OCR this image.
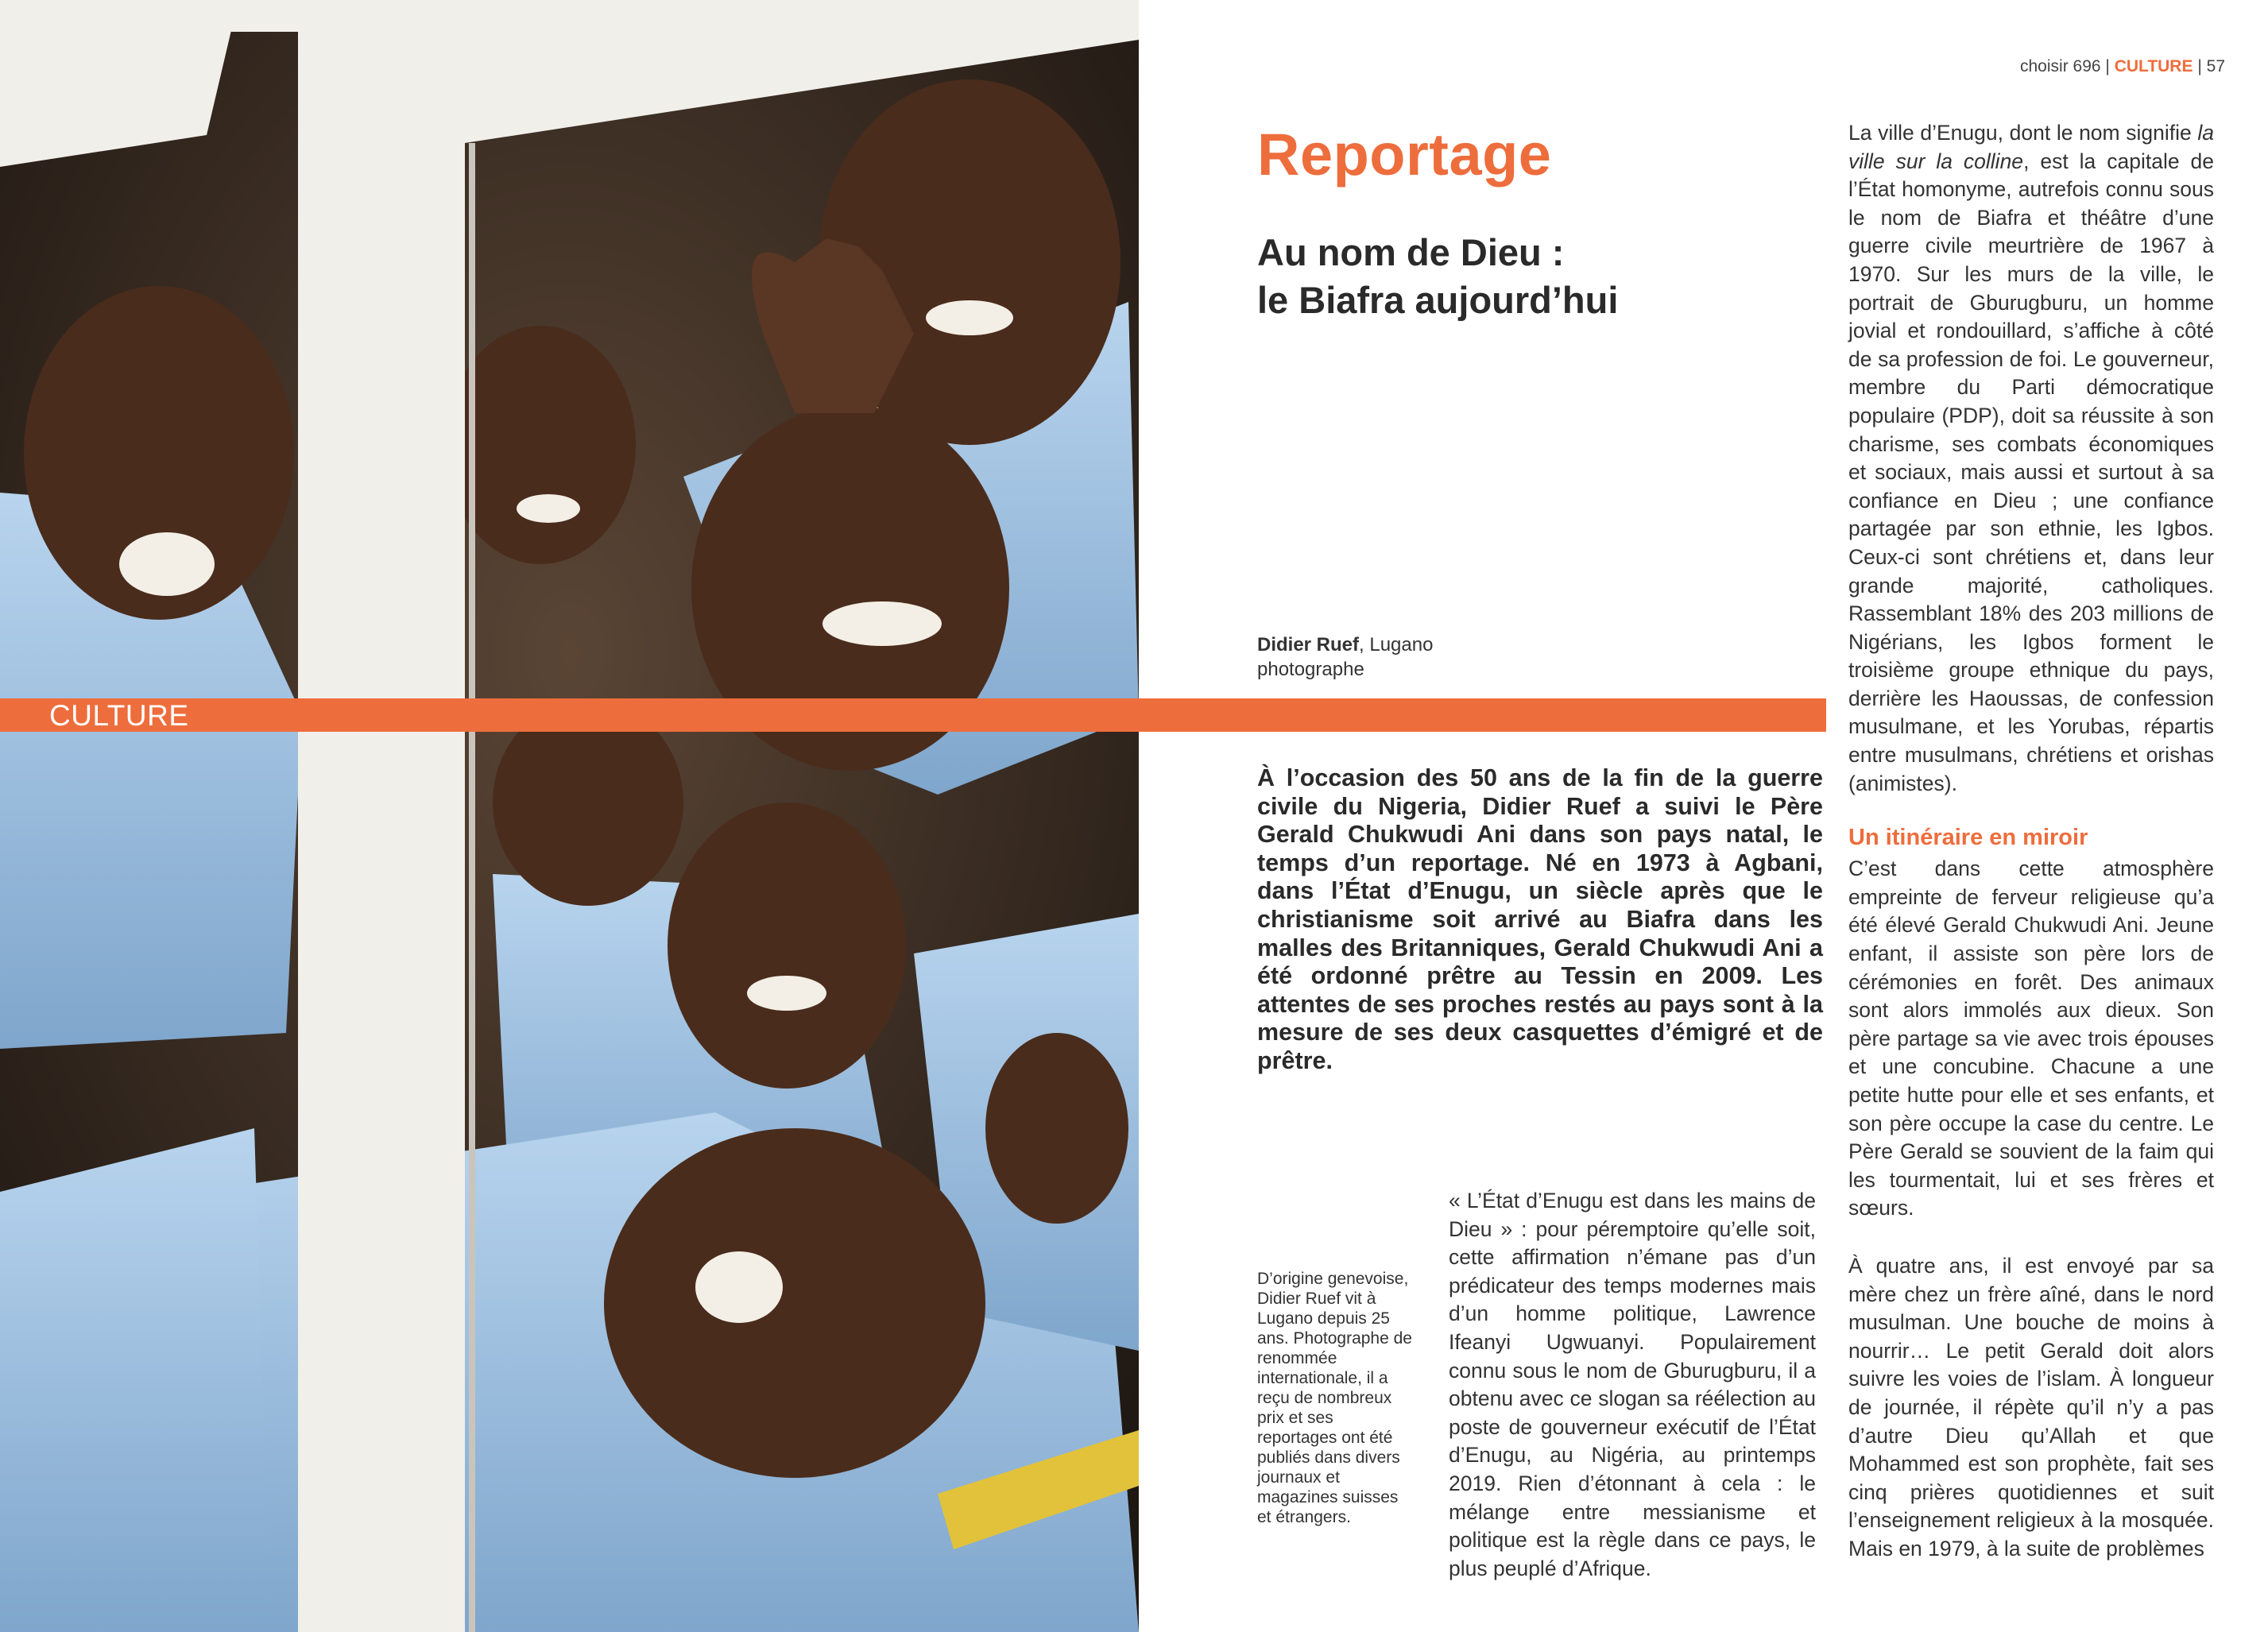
CULTURE
choisir 696 | CULTURE | 57
Reportage
Au nom de Dieu :
le Biafra aujourd’hui
Didier Ruef, Lugano
photographe
À l’occasion des 50 ans de la fin de la guerre civile du Nigeria, Didier Ruef a suivi le Père Gerald Chukwudi Ani dans son pays natal, le temps d’un reportage. Né en 1973 à Agbani, dans l’État d’Enugu, un siècle après que le christianisme soit arrivé au Biafra dans les malles des Britanniques, Gerald Chukwudi Ani a été ordonné prêtre au Tessin en 2009. Les attentes de ses proches restés au pays sont à la mesure de ses deux casquettes d’émigré et de prêtre.
D’origine genevoise, Didier Ruef vit à Lugano depuis 25 ans. Photographe de renommée internationale, il a reçu de nombreux prix et ses reportages ont été publiés dans divers journaux et magazines suisses et étrangers.

« L’État d’Enugu est dans les mains de Dieu » : pour péremptoire qu’elle soit, cette affirmation n’émane pas d’un prédicateur des temps modernes mais d’un homme politique, Lawrence Ifeanyi Ugwuanyi. Populairement connu sous le nom de Gburugburu, il a obtenu avec ce slogan sa réélection au poste de gouverneur exécutif de l’État d’Enugu, au Nigéria, au printemps 2019. Rien d’étonnant à cela : le mélange entre messianisme et politique est la règle dans ce pays, le plus peuplé d’Afrique.

La ville d’Enugu, dont le nom signifie la ville sur la colline, est la capitale de l’État homonyme, autrefois connu sous le nom de Biafra et théâtre d’une guerre civile meurtrière de 1967 à 1970. Sur les murs de la ville, le portrait de Gburugburu, un homme jovial et rondouillard, s’affiche à côté de sa profession de foi. Le gouverneur, membre du Parti démocratique populaire (PDP), doit sa réussite à son charisme, ses combats économiques et sociaux, mais aussi et surtout à sa confiance en Dieu ; une confiance partagée par son ethnie, les Igbos. Ceux-ci sont chrétiens et, dans leur grande majorité, catholiques. Rassemblant 18% des 203 millions de Nigérians, les Igbos forment le troisième groupe ethnique du pays, derrière les Haoussas, de confession musulmane, et les Yorubas, répartis entre musulmans, chrétiens et orishas (animistes).

Un itinéraire en miroir

C’est dans cette atmosphère empreinte de ferveur religieuse qu’a été élevé Gerald Chukwudi Ani. Jeune enfant, il assiste son père lors de cérémonies en forêt. Des animaux sont alors immolés aux dieux. Son père partage sa vie avec trois épouses et une concubine. Chacune a une petite hutte pour elle et ses enfants, et son père occupe la case du centre. Le Père Gerald se souvient de la faim qui les tourmentait, lui et ses frères et sœurs.

À quatre ans, il est envoyé par sa mère chez un frère aîné, dans le nord musulman. Une bouche de moins à nourrir… Le petit Gerald doit alors suivre les voies de l’islam. À longueur de journée, il répète qu’il n’y a pas d’autre Dieu qu’Allah et que Mohammed est son prophète, fait ses cinq prières quotidiennes et suit l’enseignement religieux à la mosquée. Mais en 1979, à la suite de problèmes
